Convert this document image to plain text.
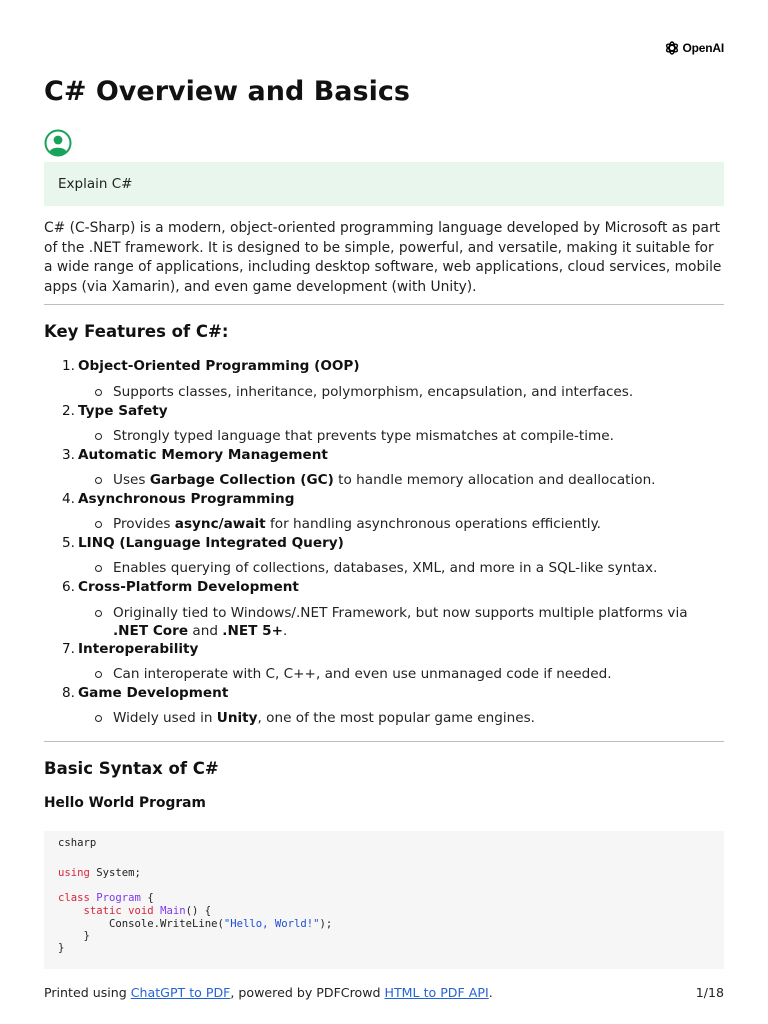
OpenAI
C# Overview and Basics
Explain C#

C# (C-Sharp) is a modern, object-oriented programming language developed by Microsoft as part of the .NET framework. It is designed to be simple, powerful, and versatile, making it suitable for a wide range of applications, including desktop software, web applications, cloud services, mobile apps (via Xamarin), and even game development (with Unity).

Key Features of C#:
1. Object-Oriented Programming (OOP)
Supports classes, inheritance, polymorphism, encapsulation, and interfaces.
2. Type Safety
Strongly typed language that prevents type mismatches at compile-time.
3. Automatic Memory Management
Uses Garbage Collection (GC) to handle memory allocation and deallocation.
4. Asynchronous Programming
Provides async/await for handling asynchronous operations efficiently.
5. LINQ (Language Integrated Query)
Enables querying of collections, databases, XML, and more in a SQL-like syntax.
6. Cross-Platform Development
Originally tied to Windows/.NET Framework, but now supports multiple platforms via .NET Core and .NET 5+.
7. Interoperability
Can interoperate with C, C++, and even use unmanaged code if needed.
8. Game Development
Widely used in Unity, one of the most popular game engines.
Basic Syntax of C#
Hello World Program
csharp
using System;
class Program {
static void Main() {
Console.WriteLine("Hello, World!");
}
}
Printed using ChatGPT to PDF, powered by PDFCrowd HTML to PDF API.	1/18
